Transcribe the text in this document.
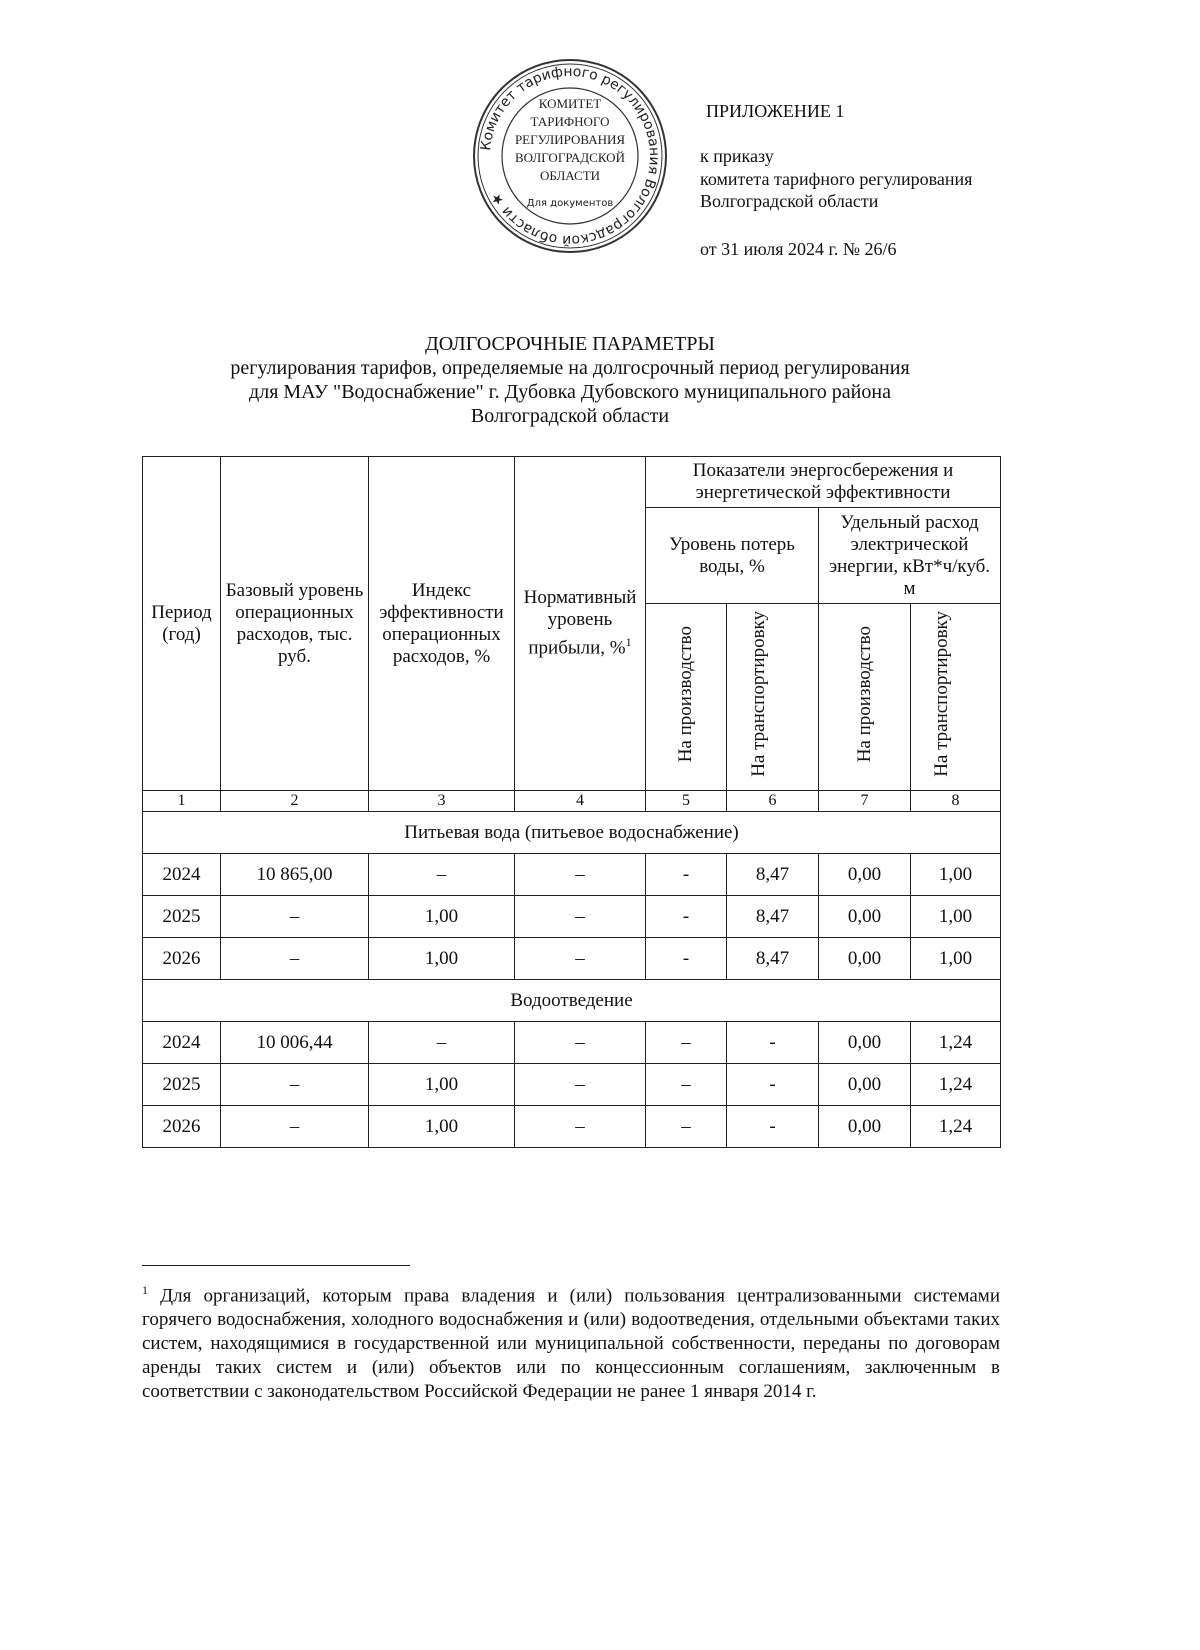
Комитет тарифного регулирования Волгоградской области ★
КОМИТЕТ
ТАРИФНОГО
РЕГУЛИРОВАНИЯ
ВОЛГОГРАДСКОЙ
ОБЛАСТИ
Для документов
ПРИЛОЖЕНИЕ 1
к приказу
комитета тарифного регулирования
Волгоградской области
от 31 июля 2024 г. № 26/6
ДОЛГОСРОЧНЫЕ ПАРАМЕТРЫ
регулирования тарифов, определяемые на долгосрочный период регулирования
для МАУ "Водоснабжение" г. Дубовка Дубовского муниципального района
Волгоградской области
Период (год)	Базовый уровень операционных расходов, тыс. руб.	Индекс эффективности операционных расходов, %	Нормативный уровень прибыли, %$^1$	Показатели энергосбережения и энергетической эффективности			
				Уровень потерь воды, %		Удельный расход электрической энергии, кВт*ч/куб. м	
				На производство	На транспортировку	На производство	На транспортировку
1	2	3	4	5	6	7	8
Питьевая вода (питьевое водоснабжение)							
2024	10 865,00	–	–	-	8,47	0,00	1,00
2025	–	1,00	–	-	8,47	0,00	1,00
2026	–	1,00	–	-	8,47	0,00	1,00
Водоотведение							
2024	10 006,44	–	–	–	-	0,00	1,24
2025	–	1,00	–	–	-	0,00	1,24
2026	–	1,00	–	–	-	0,00	1,24
$^1$ Для организаций, которым права владения и (или) пользования централизованными системами горячего водоснабжения, холодного водоснабжения и (или) водоотведения, отдельными объектами таких систем, находящимися в государственной или муниципальной собственности, переданы по договорам аренды таких систем и (или) объектов или по концессионным соглашениям, заключенным в соответствии с законодательством Российской Федерации не ранее 1 января 2014 г.
